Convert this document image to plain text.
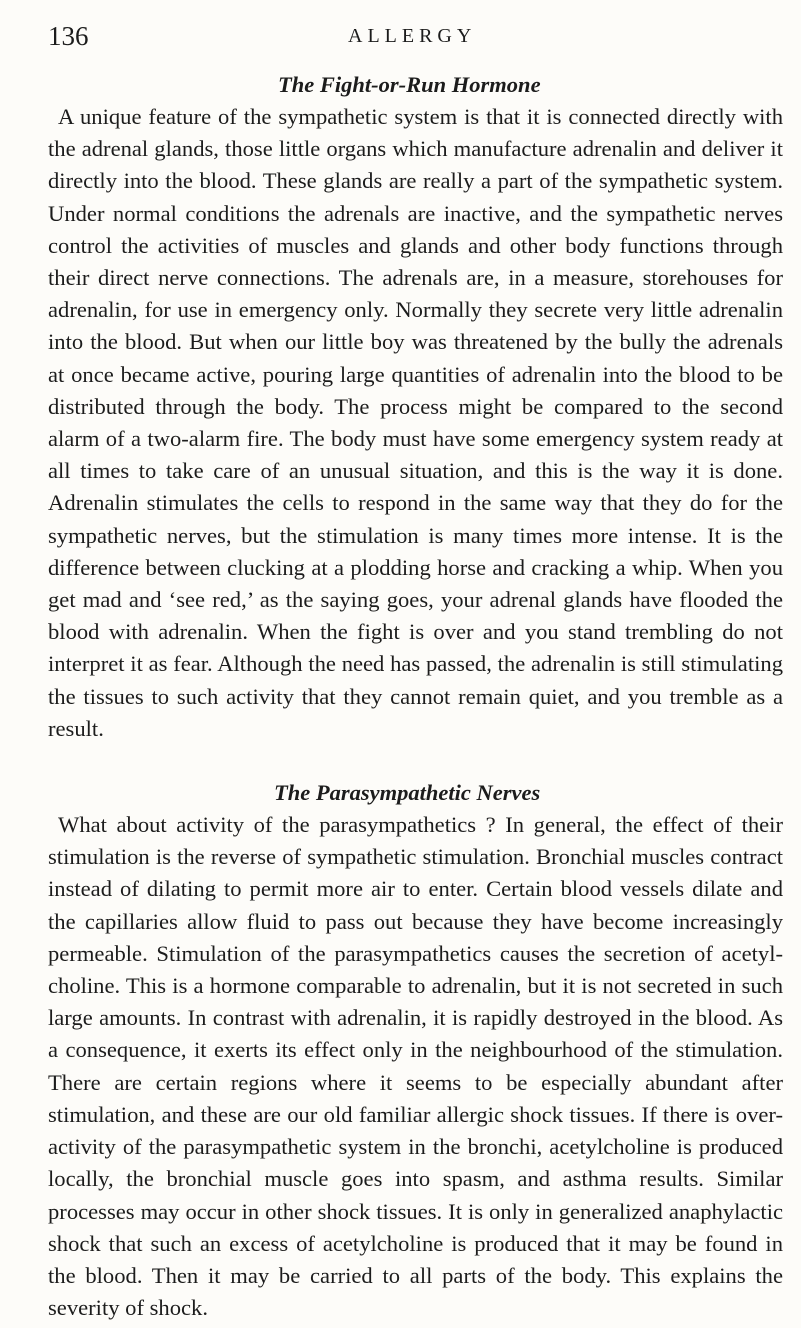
136	ALLERGY
The Fight-or-Run Hormone

A unique feature of the sympathetic system is that it is connected directly with the adrenal glands, those little organs which manufacture adrenalin and deliver it directly into the blood. These glands are really a part of the sympathetic system. Under normal conditions the adrenals are inactive, and the sympathetic nerves control the activities of muscles and glands and other body functions through their direct nerve connections. The adrenals are, in a measure, storehouses for adrenalin, for use in emergency only. Normally they secrete very little adrenalin into the blood. But when our little boy was threatened by the bully the adrenals at once became active, pouring large quantities of adrenalin into the blood to be distributed through the body. The process might be compared to the second alarm of a two-alarm fire. The body must have some emergency system ready at all times to take care of an unusual situation, and this is the way it is done. Adrenalin stimulates the cells to respond in the same way that they do for the sympathetic nerves, but the stimulation is many times more intense. It is the difference between clucking at a plodding horse and cracking a whip. When you get mad and ‘see red,’ as the saying goes, your adrenal glands have flooded the blood with adrenalin. When the fight is over and you stand trembling do not interpret it as fear. Although the need has passed, the adrenalin is still stimulating the tissues to such activity that they cannot remain quiet, and you tremble as a result.

The Parasympathetic Nerves

What about activity of the parasympathetics ? In general, the effect of their stimulation is the reverse of sympathetic stimulation. Bronchial muscles contract instead of dilating to permit more air to enter. Certain blood vessels dilate and the capillaries allow fluid to pass out because they have become increasingly permeable. Stimulation of the parasympathetics causes the secretion of acetylcholine. This is a hormone comparable to adrenalin, but it is not secreted in such large amounts. In contrast with adrenalin, it is rapidly destroyed in the blood. As a consequence, it exerts its effect only in the neighbourhood of the stimulation. There are certain regions where it seems to be especially abundant after stimulation, and these are our old familiar allergic shock tissues. If there is over-activity of the parasympathetic system in the bronchi, acetylcholine is produced locally, the bronchial muscle goes into spasm, and asthma results. Similar processes may occur in other shock tissues. It is only in generalized anaphylactic shock that such an excess of acetylcholine is produced that it may be found in the blood. Then it may be carried to all parts of the body. This explains the severity of shock.
